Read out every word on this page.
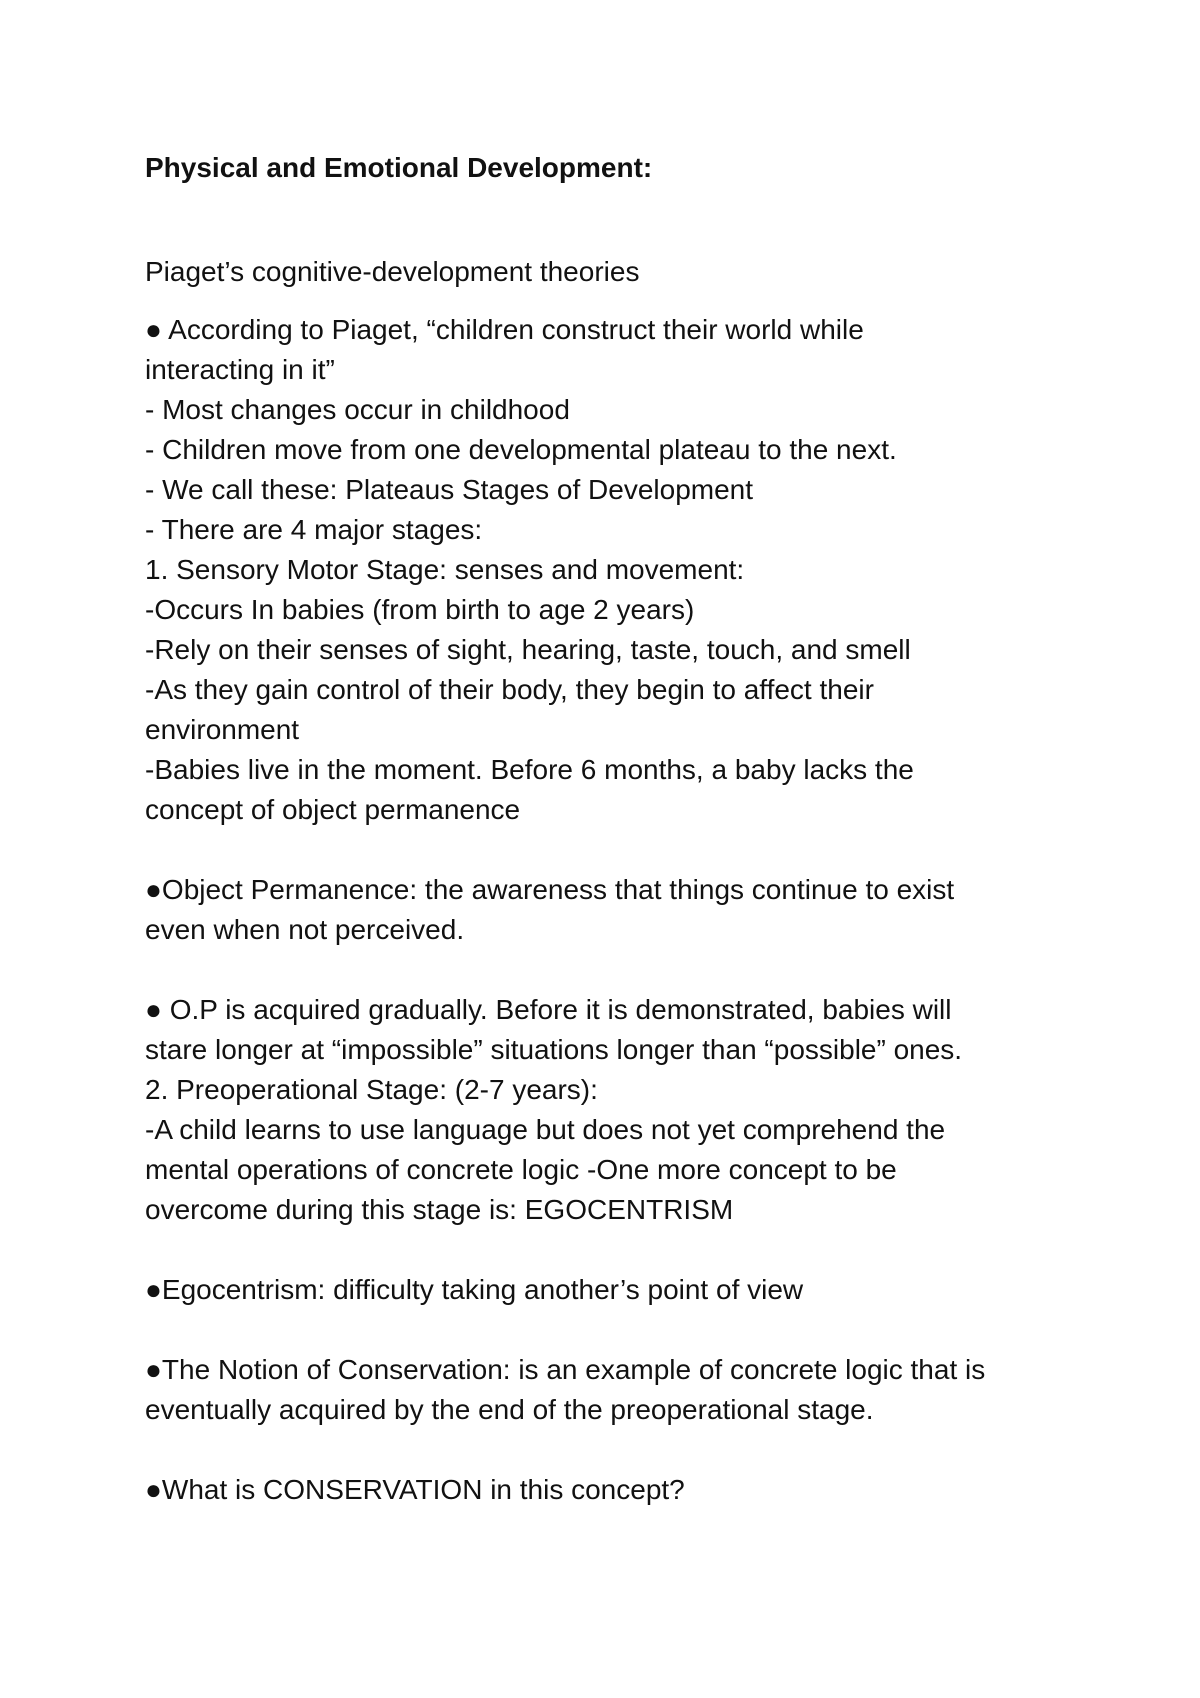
Physical and Emotional Development:

Piaget’s cognitive-development theories

● According to Piaget, “children construct their world while

interacting in it”

- Most changes occur in childhood

- Children move from one developmental plateau to the next.

- We call these: Plateaus Stages of Development

- There are 4 major stages:

1. Sensory Motor Stage: senses and movement:

-Occurs In babies (from birth to age 2 years)

-Rely on their senses of sight, hearing, taste, touch, and smell

-As they gain control of their body, they begin to affect their

environment

-Babies live in the moment. Before 6 months, a baby lacks the

concept of object permanence

●Object Permanence: the awareness that things continue to exist

even when not perceived.

● O.P is acquired gradually. Before it is demonstrated, babies will

stare longer at “impossible” situations longer than “possible” ones.

2. Preoperational Stage: (2-7 years):

-A child learns to use language but does not yet comprehend the

mental operations of concrete logic -One more concept to be

overcome during this stage is: EGOCENTRISM

●Egocentrism: difficulty taking another’s point of view

●The Notion of Conservation: is an example of concrete logic that is

eventually acquired by the end of the preoperational stage.

●What is CONSERVATION in this concept?
